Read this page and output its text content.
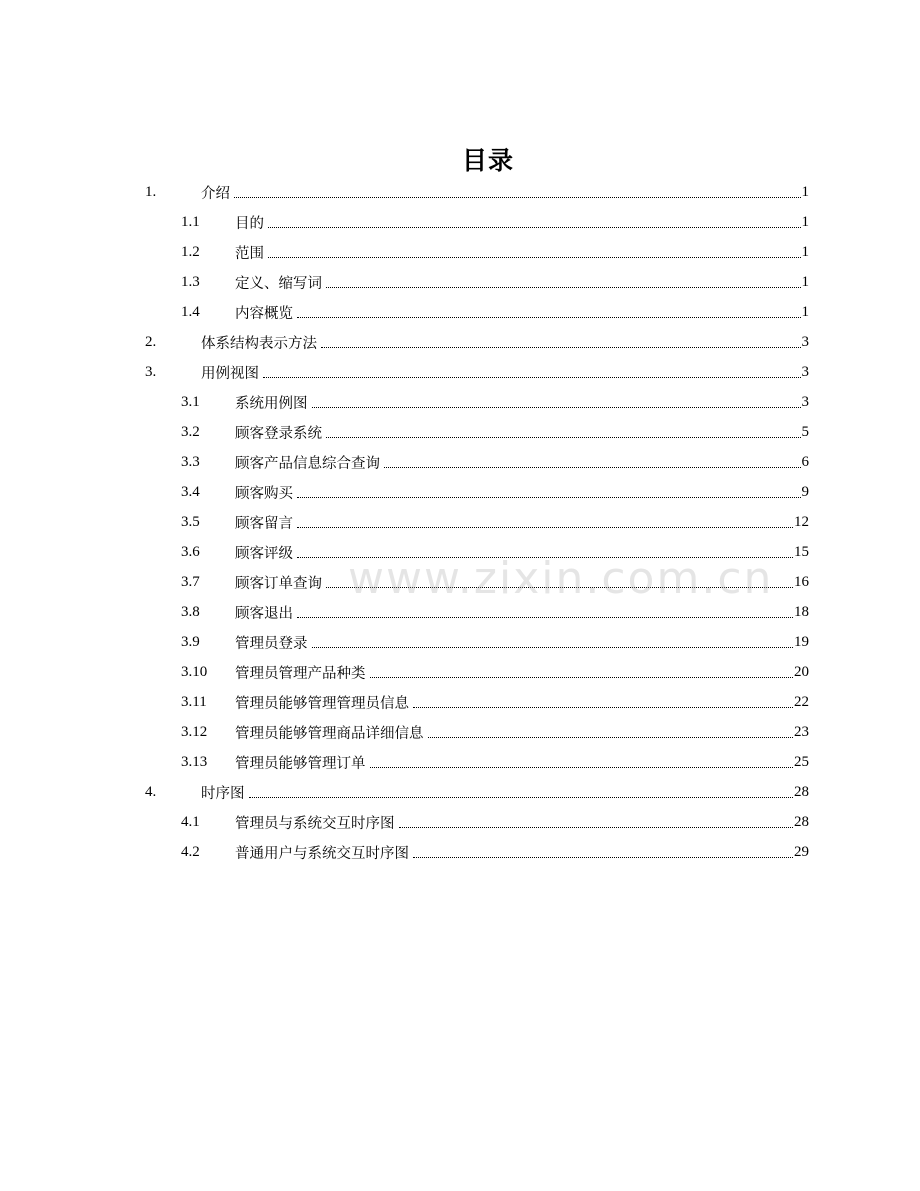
目录
1.	介绍	1
1.1	目的	1
1.2	范围	1
1.3	定义、缩写词	1
1.4	内容概览	1
2.	体系结构表示方法	3
3.	用例视图	3
3.1	系统用例图	3
3.2	顾客登录系统	5
3.3	顾客产品信息综合查询	6
3.4	顾客购买	9
3.5	顾客留言	12
3.6	顾客评级	15
3.7	顾客订单查询	16
3.8	顾客退出	18
3.9	管理员登录	19
3.10	管理员管理产品种类	20
3.11	管理员能够管理管理员信息	22
3.12	管理员能够管理商品详细信息	23
3.13	管理员能够管理订单	25
4.	时序图	28
4.1	管理员与系统交互时序图	28
4.2	普通用户与系统交互时序图	29
www.zixin.com.cn
